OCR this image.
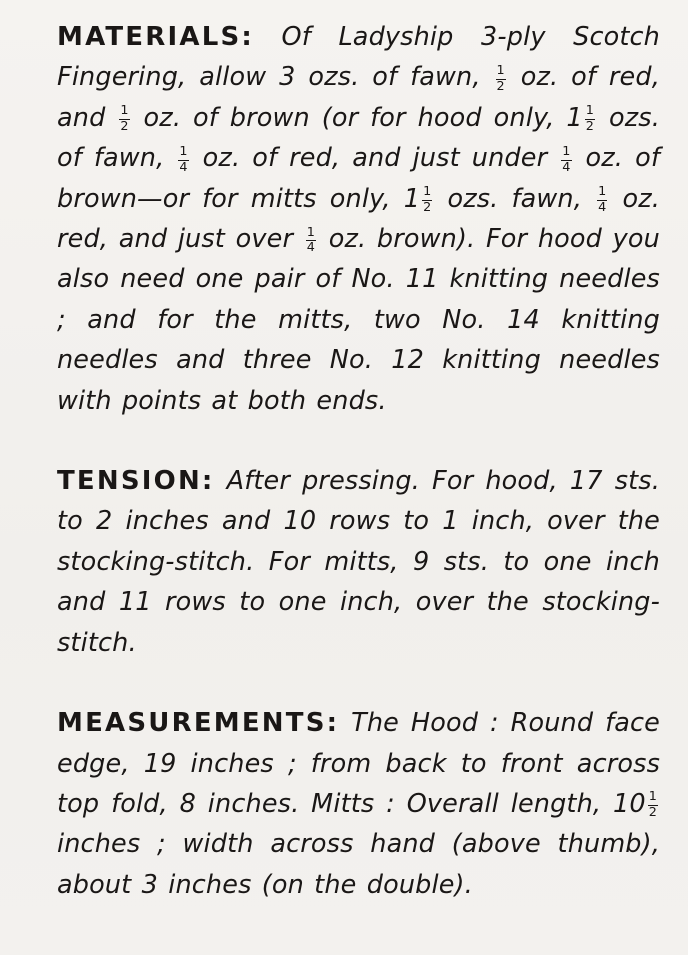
MATERIALS: Of Ladyship 3-ply Scotch Fingering, allow 3 ozs. of fawn, $\frac{1}{2}$ oz. of red, and $\frac{1}{2}$ oz. of brown (or for hood only, $1 \frac{1}{2}$ ozs. of fawn, $\frac{1}{4}$ oz. of red, and just under $\frac{1}{4}$ oz. of brown—or for mitts only, $1 \frac{1}{2}$ ozs. fawn, $\frac{1}{4}$ oz. red, and just over $\frac{1}{4}$ oz. brown). For hood you also need one pair of No. 11 knitting needles ; and for the mitts, two No. 14 knitting needles and three No. 12 knitting needles with points at both ends.

TENSION: After pressing. For hood, 17 sts. to 2 inches and 10 rows to 1 inch, over the stocking-stitch. For mitts, 9 sts. to one inch and 11 rows to one inch, over the stocking-stitch.

MEASUREMENTS: The Hood : Round face edge, 19 inches ; from back to front across top fold, 8 inches. Mitts : Overall length, $10 \frac{1}{2}$
inches ; width across hand (above thumb), about 3 inches (on the double).
